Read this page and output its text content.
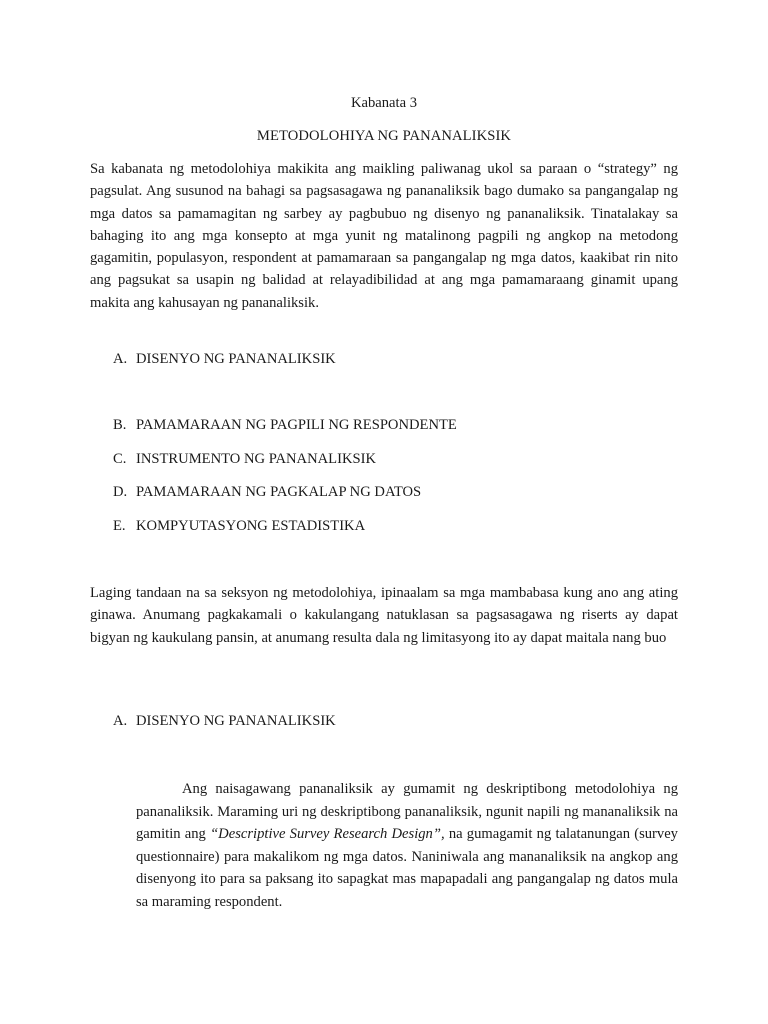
Kabanata 3
METODOLOHIYA NG PANANALIKSIK

Sa kabanata ng metodolohiya makikita ang maikling paliwanag ukol sa paraan o “strategy” ng pagsulat. Ang susunod na bahagi sa pagsasagawa ng pananaliksik bago dumako sa pangangalap ng mga datos sa pamamagitan ng sarbey ay pagbubuo ng disenyo ng pananaliksik. Tinatalakay sa bahaging ito ang mga konsepto at mga yunit ng matalinong pagpili ng angkop na metodong gagamitin, populasyon, respondent at pamamaraan sa pangangalap ng mga datos, kaakibat rin nito ang pagsukat sa usapin ng balidad at relayadibilidad at ang mga pamamaraang ginamit upang makita ang kahusayan ng pananaliksik.

A. DISENYO NG PANANALIKSIK
B. PAMAMARAAN NG PAGPILI NG RESPONDENTE
C. INSTRUMENTO NG PANANALIKSIK
D. PAMAMARAAN NG PAGKALAP NG DATOS
E. KOMPYUTASYONG ESTADISTIKA

Laging tandaan na sa seksyon ng metodolohiya, ipinaalam sa mga mambabasa kung ano ang ating ginawa. Anumang pagkakamali o kakulangang natuklasan sa pagsasagawa ng riserts ay dapat bigyan ng kaukulang pansin, at anumang resulta dala ng limitasyong ito ay dapat maitala nang buo

A. DISENYO NG PANANALIKSIK

Ang naisagawang pananaliksik ay gumamit ng deskriptibong metodolohiya ng pananaliksik. Maraming uri ng deskriptibong pananaliksik, ngunit napili ng mananaliksik na gamitin ang “Descriptive Survey Research Design”, na gumagamit ng talatanungan (survey questionnaire) para makalikom ng mga datos. Naniniwala ang mananaliksik na angkop ang disenyong ito para sa paksang ito sapagkat mas mapapadali ang pangangalap ng datos mula sa maraming respondent.
